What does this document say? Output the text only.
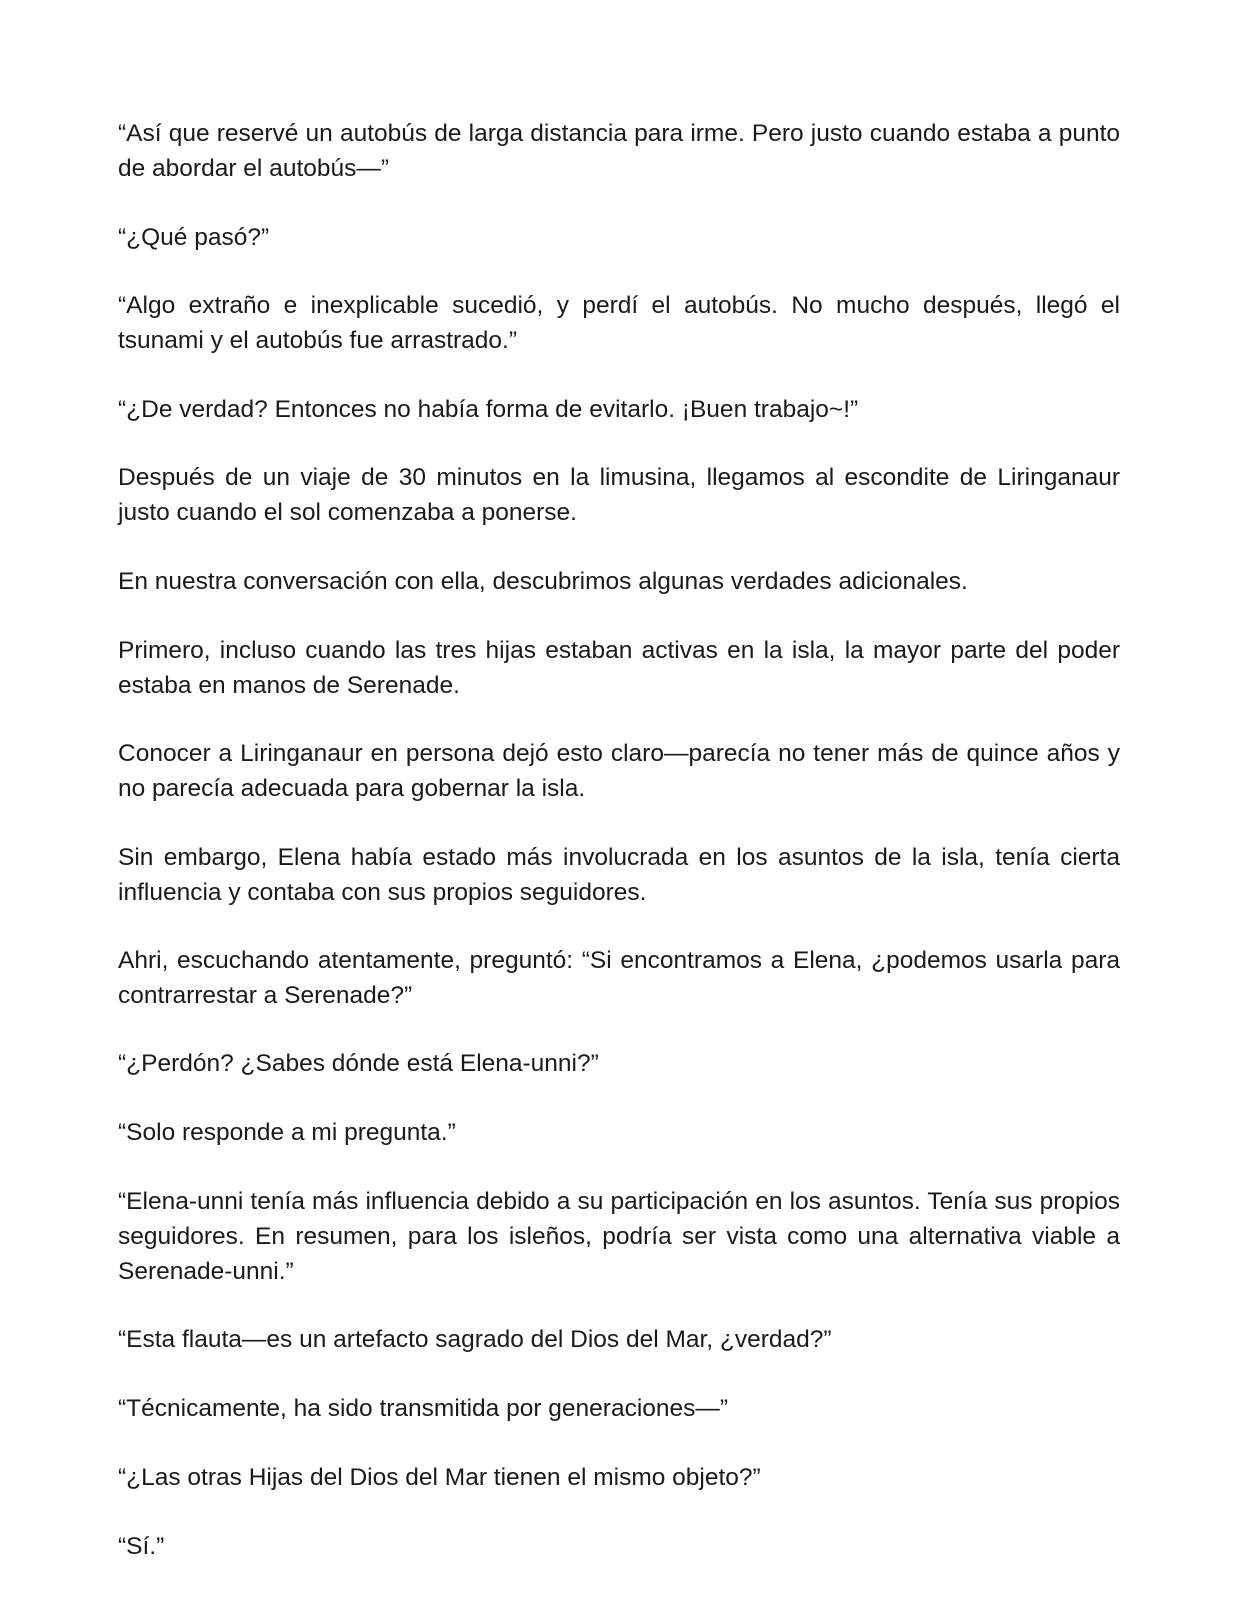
“Así que reservé un autobús de larga distancia para irme. Pero justo cuando estaba a punto de abordar el autobús—”

“¿Qué pasó?”

“Algo extraño e inexplicable sucedió, y perdí el autobús. No mucho después, llegó el tsunami y el autobús fue arrastrado.”

“¿De verdad? Entonces no había forma de evitarlo. ¡Buen trabajo~!”

Después de un viaje de 30 minutos en la limusina, llegamos al escondite de Liringanaur justo cuando el sol comenzaba a ponerse.

En nuestra conversación con ella, descubrimos algunas verdades adicionales.

Primero, incluso cuando las tres hijas estaban activas en la isla, la mayor parte del poder estaba en manos de Serenade.

Conocer a Liringanaur en persona dejó esto claro—parecía no tener más de quince años y no parecía adecuada para gobernar la isla.

Sin embargo, Elena había estado más involucrada en los asuntos de la isla, tenía cierta influencia y contaba con sus propios seguidores.

Ahri, escuchando atentamente, preguntó: “Si encontramos a Elena, ¿podemos usarla para contrarrestar a Serenade?”

“¿Perdón? ¿Sabes dónde está Elena-unni?”

“Solo responde a mi pregunta.”

“Elena-unni tenía más influencia debido a su participación en los asuntos. Tenía sus propios seguidores. En resumen, para los isleños, podría ser vista como una alternativa viable a Serenade-unni.”

“Esta flauta—es un artefacto sagrado del Dios del Mar, ¿verdad?”

“Técnicamente, ha sido transmitida por generaciones—”

“¿Las otras Hijas del Dios del Mar tienen el mismo objeto?”

“Sí.”
